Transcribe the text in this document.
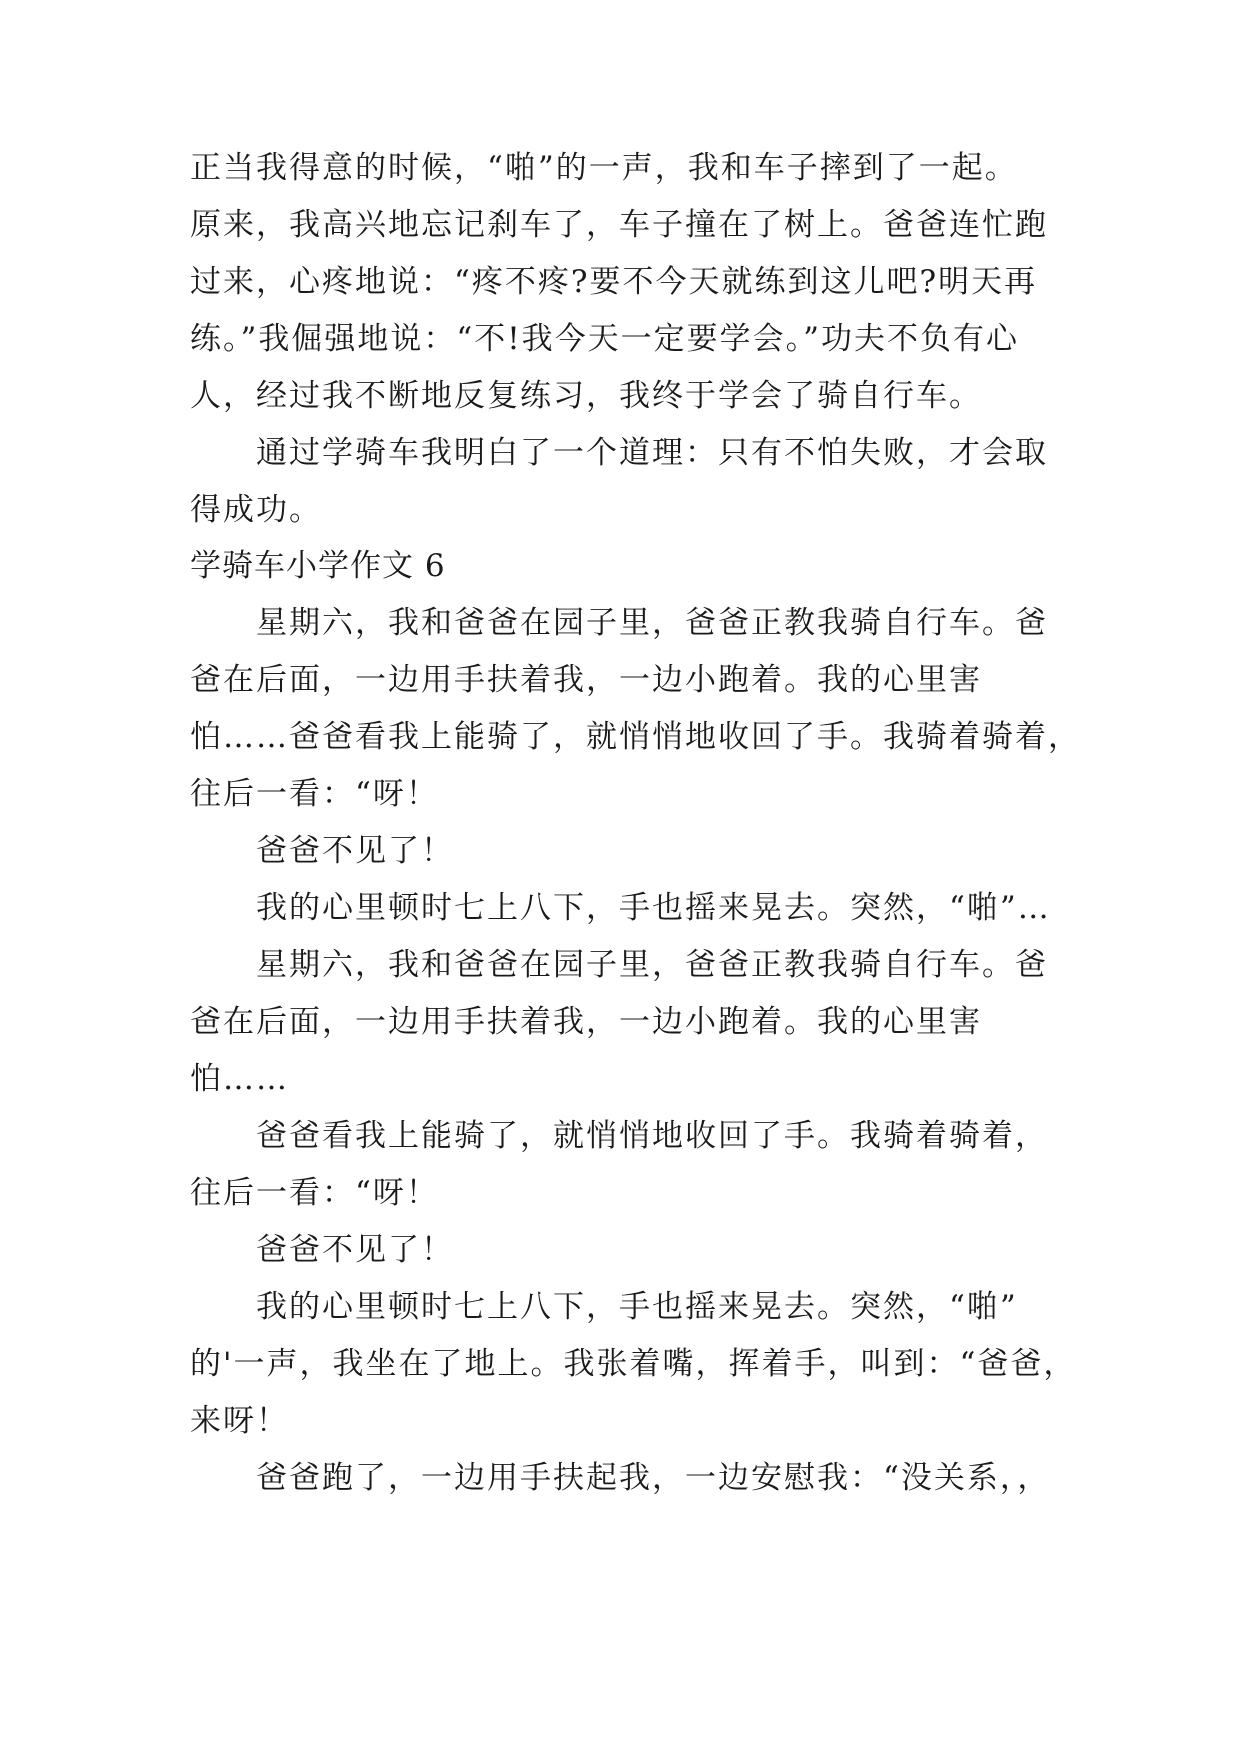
正当我得意的时候，“啪”的一声，我和车子摔到了一起。
原来，我高兴地忘记刹车了，车子撞在了树上。爸爸连忙跑
过来，心疼地说：“疼不疼?要不今天就练到这儿吧?明天再
练。”我倔强地说：“不!我今天一定要学会。”功夫不负有心
人，经过我不断地反复练习，我终于学会了骑自行车。
通过学骑车我明白了一个道理：只有不怕失败，才会取
得成功。
学骑车小学作文 6
星期六，我和爸爸在园子里，爸爸正教我骑自行车。爸
爸在后面，一边用手扶着我，一边小跑着。我的心里害
怕……爸爸看我上能骑了，就悄悄地收回了手。我骑着骑着，
往后一看：“呀！
爸爸不见了！
我的心里顿时七上八下，手也摇来晃去。突然，“啪”…
星期六，我和爸爸在园子里，爸爸正教我骑自行车。爸
爸在后面，一边用手扶着我，一边小跑着。我的心里害
怕……
爸爸看我上能骑了，就悄悄地收回了手。我骑着骑着，
往后一看：“呀！
爸爸不见了！
我的心里顿时七上八下，手也摇来晃去。突然，“啪”
的'一声，我坐在了地上。我张着嘴，挥着手，叫到：“爸爸，
来呀！
爸爸跑了，一边用手扶起我，一边安慰我：“没关系，，
